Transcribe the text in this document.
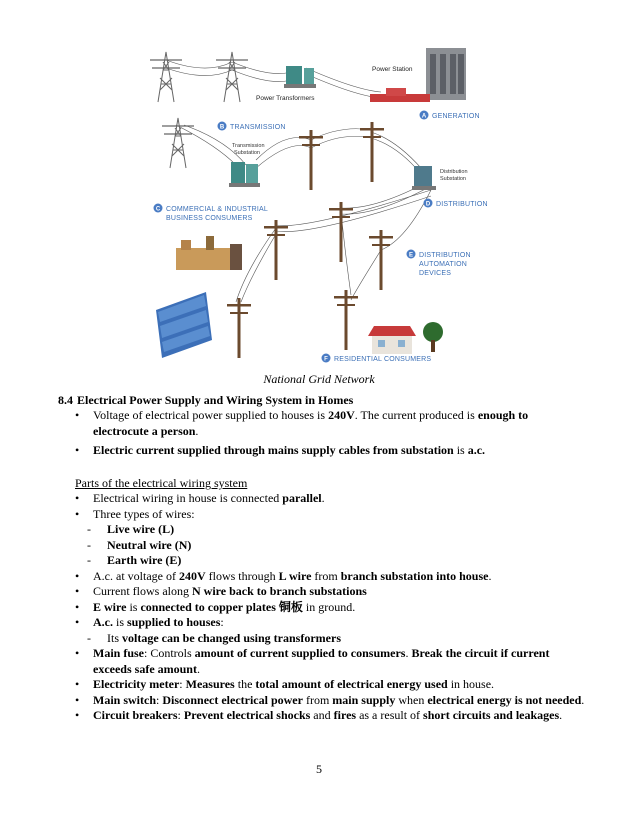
A
B
C
D
E
F
Power Station
Power Transformers
GENERATION
TRANSMISSION
Transmission
Substation
Distribution
Substation
COMMERCIAL & INDUSTRIAL
BUSINESS CONSUMERS
DISTRIBUTION
DISTRIBUTION
AUTOMATION
DEVICES
RESIDENTIAL CONSUMERS
National Grid Network
8.4 Electrical Power Supply and Wiring System in Homes
•
Voltage of electrical power supplied to houses is 240V. The current produced is enough to electrocute a person.
•
Electric current supplied through mains supply cables from substation is a.c.
Parts of the electrical wiring system
•
Electrical wiring in house is connected parallel.
•
Three types of wires:
-
Live wire (L)
-
Neutral wire (N)
-
Earth wire (E)
•
A.c. at voltage of 240V flows through L wire from branch substation into house.
•
Current flows along N wire back to branch substations
•
E wire is connected to copper plates 铜板 in ground.
•
A.c. is supplied to houses:
-
Its voltage can be changed using transformers
•
Main fuse: Controls amount of current supplied to consumers. Break the circuit if current exceeds safe amount.
•
Electricity meter: Measures the total amount of electrical energy used in house.
•
Main switch: Disconnect electrical power from main supply when electrical energy is not needed.
•
Circuit breakers: Prevent electrical shocks and fires as a result of short circuits and leakages.
5
